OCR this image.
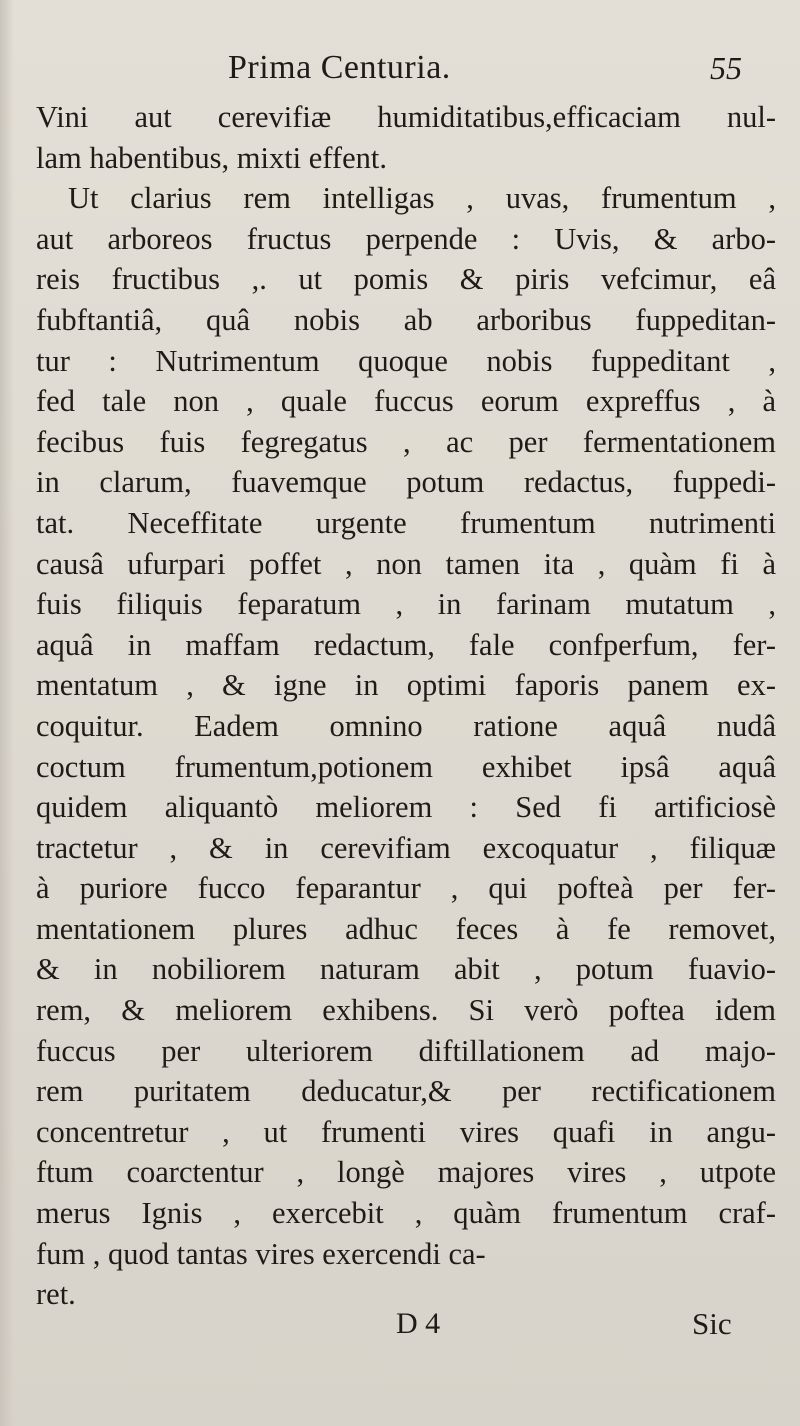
Prima Centuria.	55
Vini aut cerevifiæ humiditatibus,efficaciam nul-
lam habentibus, mixti effent.
Ut clarius rem intelligas , uvas, frumentum ,
aut arboreos fructus perpende : Uvis, & arbo-
reis fructibus ,. ut pomis & piris vefcimur, eâ
fubftantiâ, quâ nobis ab arboribus fuppeditan-
tur : Nutrimentum quoque nobis fuppeditant ,
fed tale non , quale fuccus eorum expreffus , à
fecibus fuis fegregatus , ac per fermentationem
in clarum, fuavemque potum redactus, fuppedi-
tat. Neceffitate urgente frumentum nutrimenti
causâ ufurpari poffet , non tamen ita , quàm fi à
fuis filiquis feparatum , in farinam mutatum ,
aquâ in maffam redactum, fale confperfum, fer-
mentatum , & igne in optimi faporis panem ex-
coquitur. Eadem omnino ratione aquâ nudâ
coctum frumentum,potionem exhibet ipsâ aquâ
quidem aliquantò meliorem : Sed fi artificiosè
tractetur , & in cerevifiam excoquatur , filiquæ
à puriore fucco feparantur , qui pofteà per fer-
mentationem plures adhuc feces à fe removet,
& in nobiliorem naturam abit , potum fuavio-
rem, & meliorem exhibens. Si verò poftea idem
fuccus per ulteriorem diftillationem ad majo-
rem puritatem deducatur,& per rectificationem
concentretur , ut frumenti vires quafi in angu-
ftum coarctentur , longè majores vires , utpote
merus Ignis , exercebit , quàm frumentum craf-
fum , quod tantas vires exercendi ca-
ret.
D 4	Sic
